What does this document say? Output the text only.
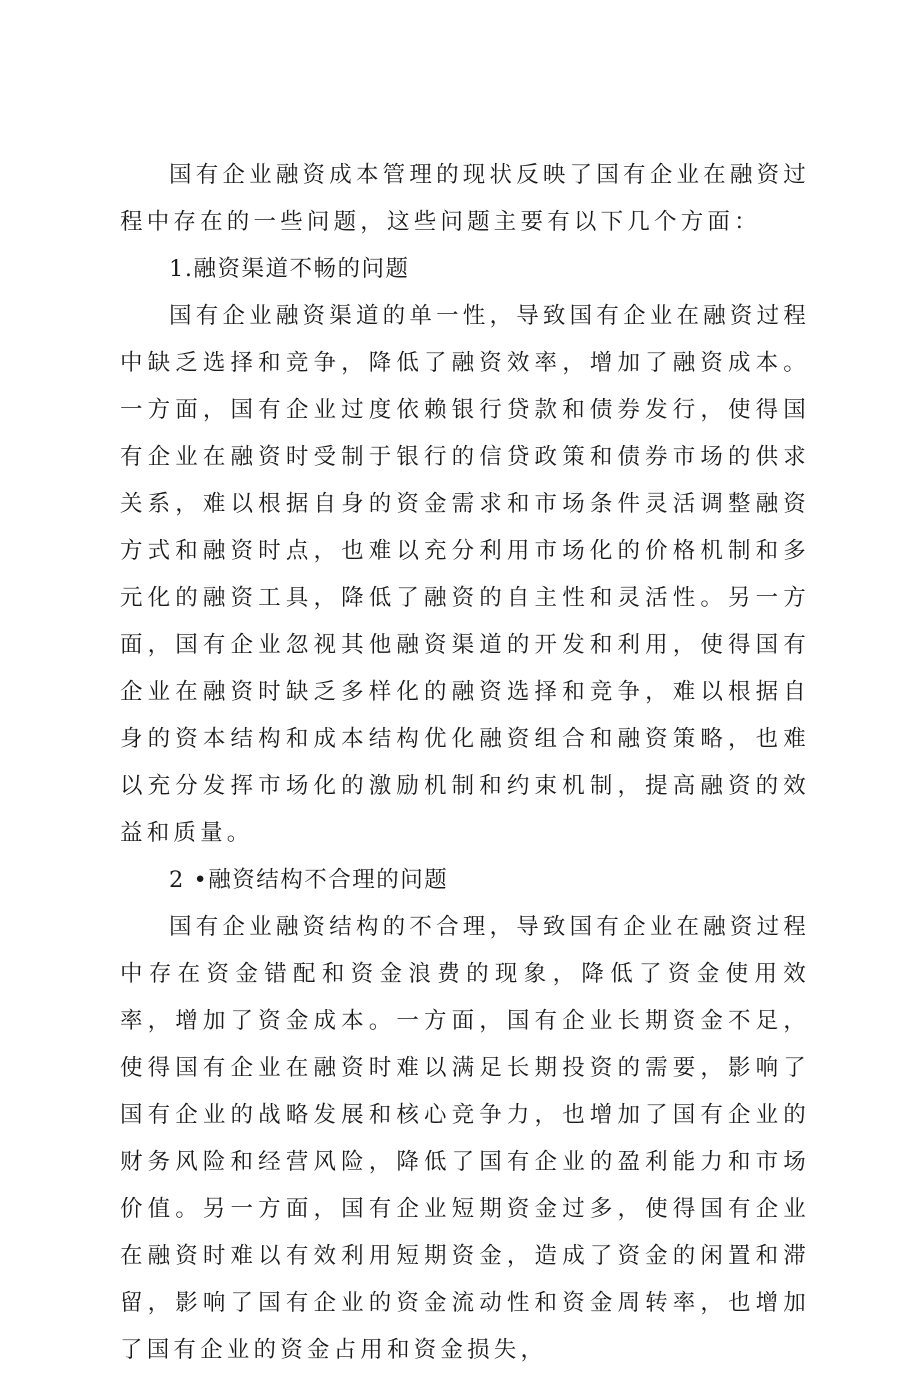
国有企业融资成本管理的现状反映了国有企业在融资过程中存在的一些问题，这些问题主要有以下几个方面：

1.融资渠道不畅的问题

国有企业融资渠道的单一性，导致国有企业在融资过程中缺乏选择和竞争，降低了融资效率，增加了融资成本。一方面，国有企业过度依赖银行贷款和债券发行，使得国有企业在融资时受制于银行的信贷政策和债券市场的供求关系，难以根据自身的资金需求和市场条件灵活调整融资方式和融资时点，也难以充分利用市场化的价格机制和多元化的融资工具，降低了融资的自主性和灵活性。另一方面，国有企业忽视其他融资渠道的开发和利用，使得国有企业在融资时缺乏多样化的融资选择和竞争，难以根据自身的资本结构和成本结构优化融资组合和融资策略，也难以充分发挥市场化的激励机制和约束机制，提高融资的效益和质量。

2 •融资结构不合理的问题

国有企业融资结构的不合理，导致国有企业在融资过程中存在资金错配和资金浪费的现象，降低了资金使用效率，增加了资金成本。一方面，国有企业长期资金不足，使得国有企业在融资时难以满足长期投资的需要，影响了国有企业的战略发展和核心竞争力，也增加了国有企业的财务风险和经营风险，降低了国有企业的盈利能力和市场价值。另一方面，国有企业短期资金过多，使得国有企业在融资时难以有效利用短期资金，造成了资金的闲置和滞留，影响了国有企业的资金流动性和资金周转率，也增加了国有企业的资金占用和资金损失，
